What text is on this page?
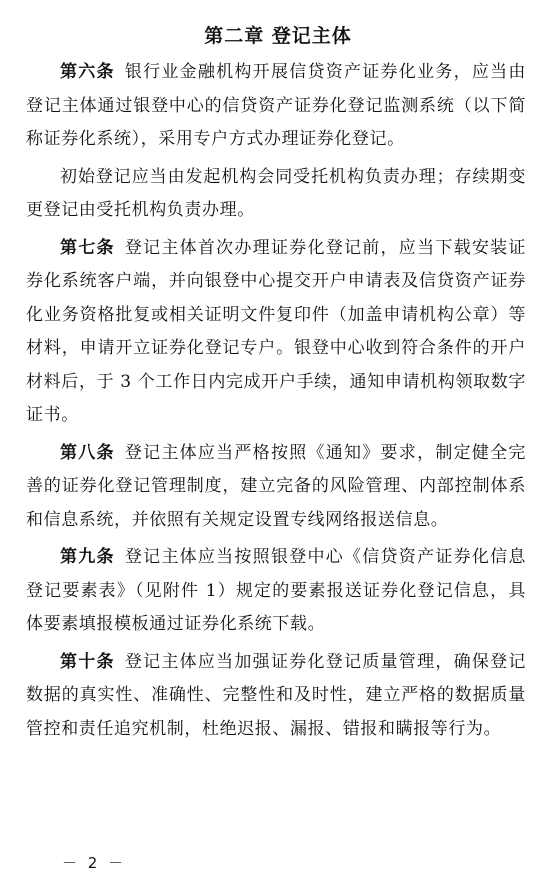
第二章 登记主体

第六条 银行业金融机构开展信贷资产证券化业务，应当由登记主体通过银登中心的信贷资产证券化登记监测系统（以下简称证券化系统），采用专户方式办理证券化登记。

初始登记应当由发起机构会同受托机构负责办理；存续期变更登记由受托机构负责办理。

第七条 登记主体首次办理证券化登记前，应当下载安装证券化系统客户端，并向银登中心提交开户申请表及信贷资产证券化业务资格批复或相关证明文件复印件（加盖申请机构公章）等材料，申请开立证券化登记专户。银登中心收到符合条件的开户材料后，于 3 个工作日内完成开户手续，通知申请机构领取数字证书。

第八条 登记主体应当严格按照《通知》要求，制定健全完善的证券化登记管理制度，建立完备的风险管理、内部控制体系和信息系统，并依照有关规定设置专线网络报送信息。

第九条 登记主体应当按照银登中心《信贷资产证券化信息登记要素表》（见附件 1）规定的要素报送证券化登记信息，具体要素填报模板通过证券化系统下载。

第十条 登记主体应当加强证券化登记质量管理，确保登记数据的真实性、准确性、完整性和及时性，建立严格的数据质量管控和责任追究机制，杜绝迟报、漏报、错报和瞒报等行为。

－ 2 －
